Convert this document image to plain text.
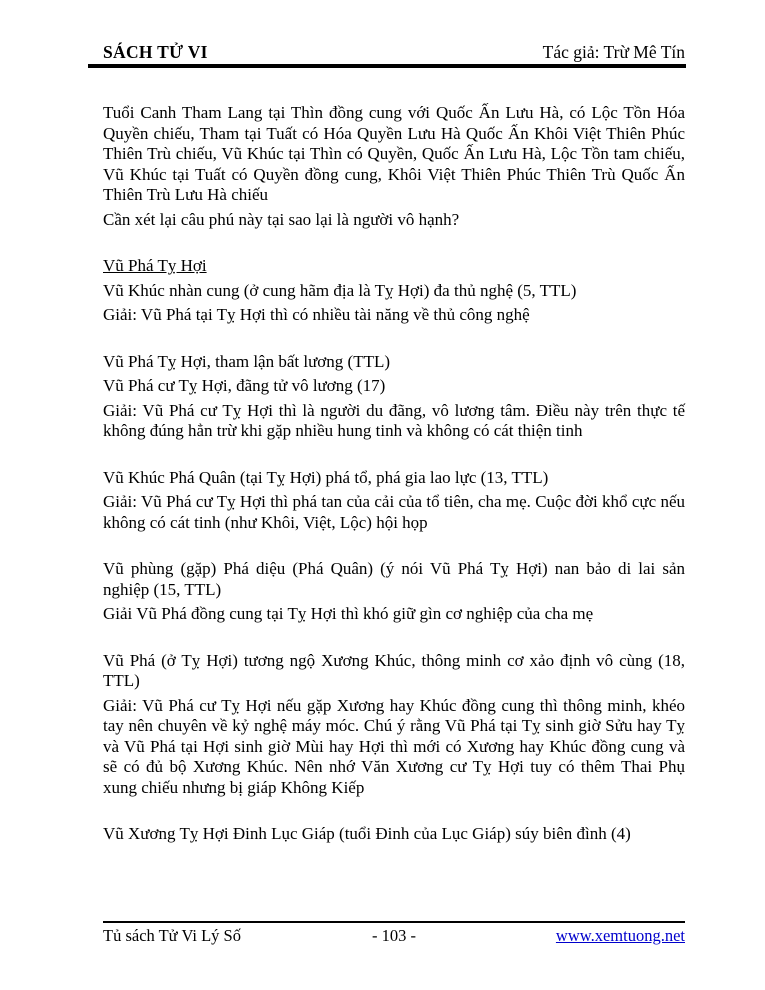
SÁCH TỬ VI	Tác giả: Trừ Mê Tín

Tuổi Canh Tham Lang tại Thìn đồng cung với Quốc Ấn Lưu Hà, có Lộc Tồn Hóa Quyền chiếu, Tham tại Tuất có Hóa Quyền Lưu Hà Quốc Ấn Khôi Việt Thiên Phúc Thiên Trù chiếu, Vũ Khúc tại Thìn có Quyền, Quốc Ấn Lưu Hà, Lộc Tồn tam chiếu, Vũ Khúc tại Tuất có Quyền đồng cung, Khôi Việt Thiên Phúc Thiên Trù Quốc Ấn Thiên Trù Lưu Hà chiếu

Cần xét lại câu phú này tại sao lại là người vô hạnh?

Vũ Phá Tỵ Hợi

Vũ Khúc nhàn cung (ở cung hãm địa là Tỵ Hợi) đa thủ nghệ (5, TTL)

Giải: Vũ Phá tại Tỵ Hợi thì có nhiều tài năng về thủ công nghệ

Vũ Phá Tỵ Hợi, tham lận bất lương (TTL)

Vũ Phá cư Tỵ Hợi, đãng tử vô lương (17)

Giải: Vũ Phá cư Tỵ Hợi thì là người du đãng, vô lương tâm. Điều này trên thực tế không đúng hẳn trừ khi gặp nhiều hung tinh và không có cát thiện tinh

Vũ Khúc Phá Quân (tại Tỵ Hợi) phá tổ, phá gia lao lực (13, TTL)

Giải: Vũ Phá cư Tỵ Hợi thì phá tan của cải của tổ tiên, cha mẹ. Cuộc đời khổ cực nếu không có cát tinh (như Khôi, Việt, Lộc) hội họp

Vũ phùng (gặp) Phá diệu (Phá Quân) (ý nói Vũ Phá Tỵ Hợi) nan bảo di lai sản nghiệp (15, TTL)

Giải Vũ Phá đồng cung tại Tỵ Hợi thì khó giữ gìn cơ nghiệp của cha mẹ

Vũ Phá (ở Tỵ Hợi) tương ngộ Xương Khúc, thông minh cơ xảo định vô cùng (18, TTL)

Giải: Vũ Phá cư Tỵ Hợi nếu gặp Xương hay Khúc đồng cung thì thông minh, khéo tay nên chuyên về kỷ nghệ máy móc. Chú ý rằng Vũ Phá tại Tỵ sinh giờ Sửu hay Tỵ và Vũ Phá tại Hợi sinh giờ Mùi hay Hợi thì mới có Xương hay Khúc đồng cung và sẽ có đủ bộ Xương Khúc. Nên nhớ Văn Xương cư Tỵ Hợi tuy có thêm Thai Phụ xung chiếu nhưng bị giáp Không Kiếp

Vũ Xương Tỵ Hợi Đinh Lục Giáp (tuổi Đinh của Lục Giáp) súy biên đình (4)

Tủ sách Tử Vi Lý Số	- 103 -	www.xemtuong.net
